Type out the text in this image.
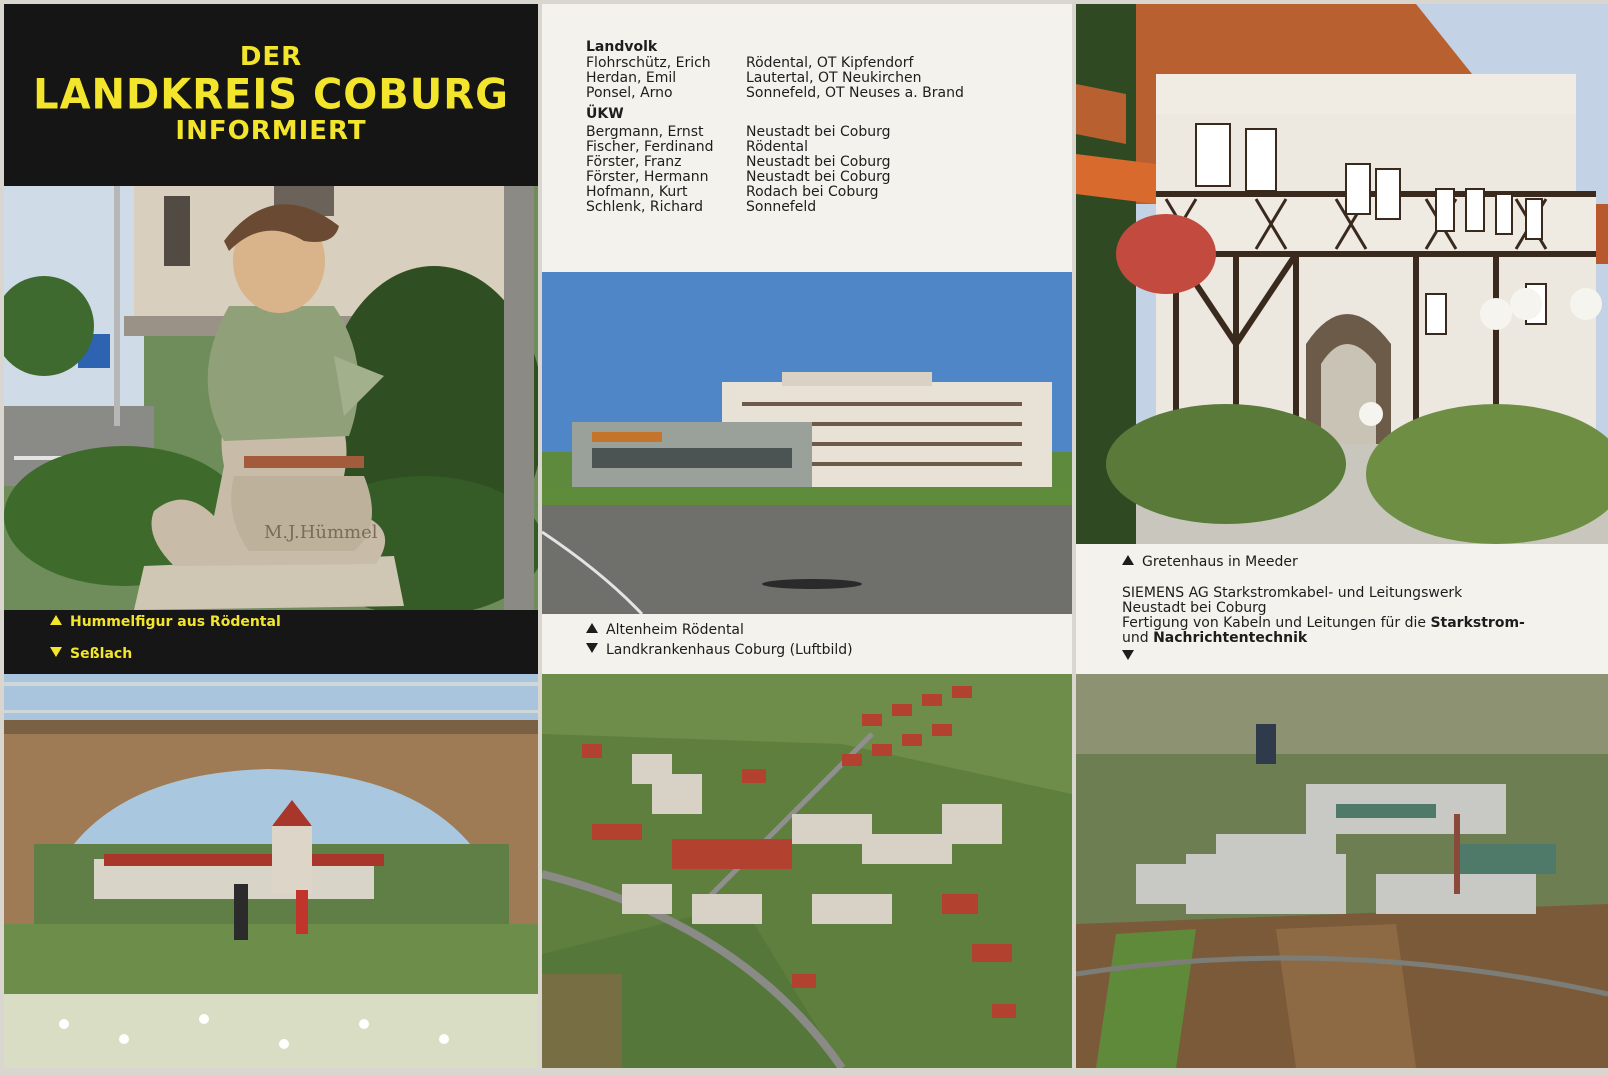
DER
LANDKREIS COBURG
INFORMIERT
M.J.Hümmel
Hummelfigur aus Rödental
Seßlach
Landvolk
Flohrschütz, Erich	Rödental, OT Kipfendorf
Herdan, Emil	Lautertal, OT Neukirchen
Ponsel, Arno	Sonnefeld, OT Neuses a. Brand
ÜKW
Bergmann, Ernst	Neustadt bei Coburg
Fischer, Ferdinand	Rödental
Förster, Franz	Neustadt bei Coburg
Förster, Hermann	Neustadt bei Coburg
Hofmann, Kurt	Rodach bei Coburg
Schlenk, Richard	Sonnefeld
Altenheim Rödental
Landkrankenhaus Coburg (Luftbild)
Gretenhaus in Meeder
SIEMENS AG Starkstromkabel- und Leitungswerk
Neustadt bei Coburg
Fertigung von Kabeln und Leitungen für die Starkstrom-
und Nachrichtentechnik
